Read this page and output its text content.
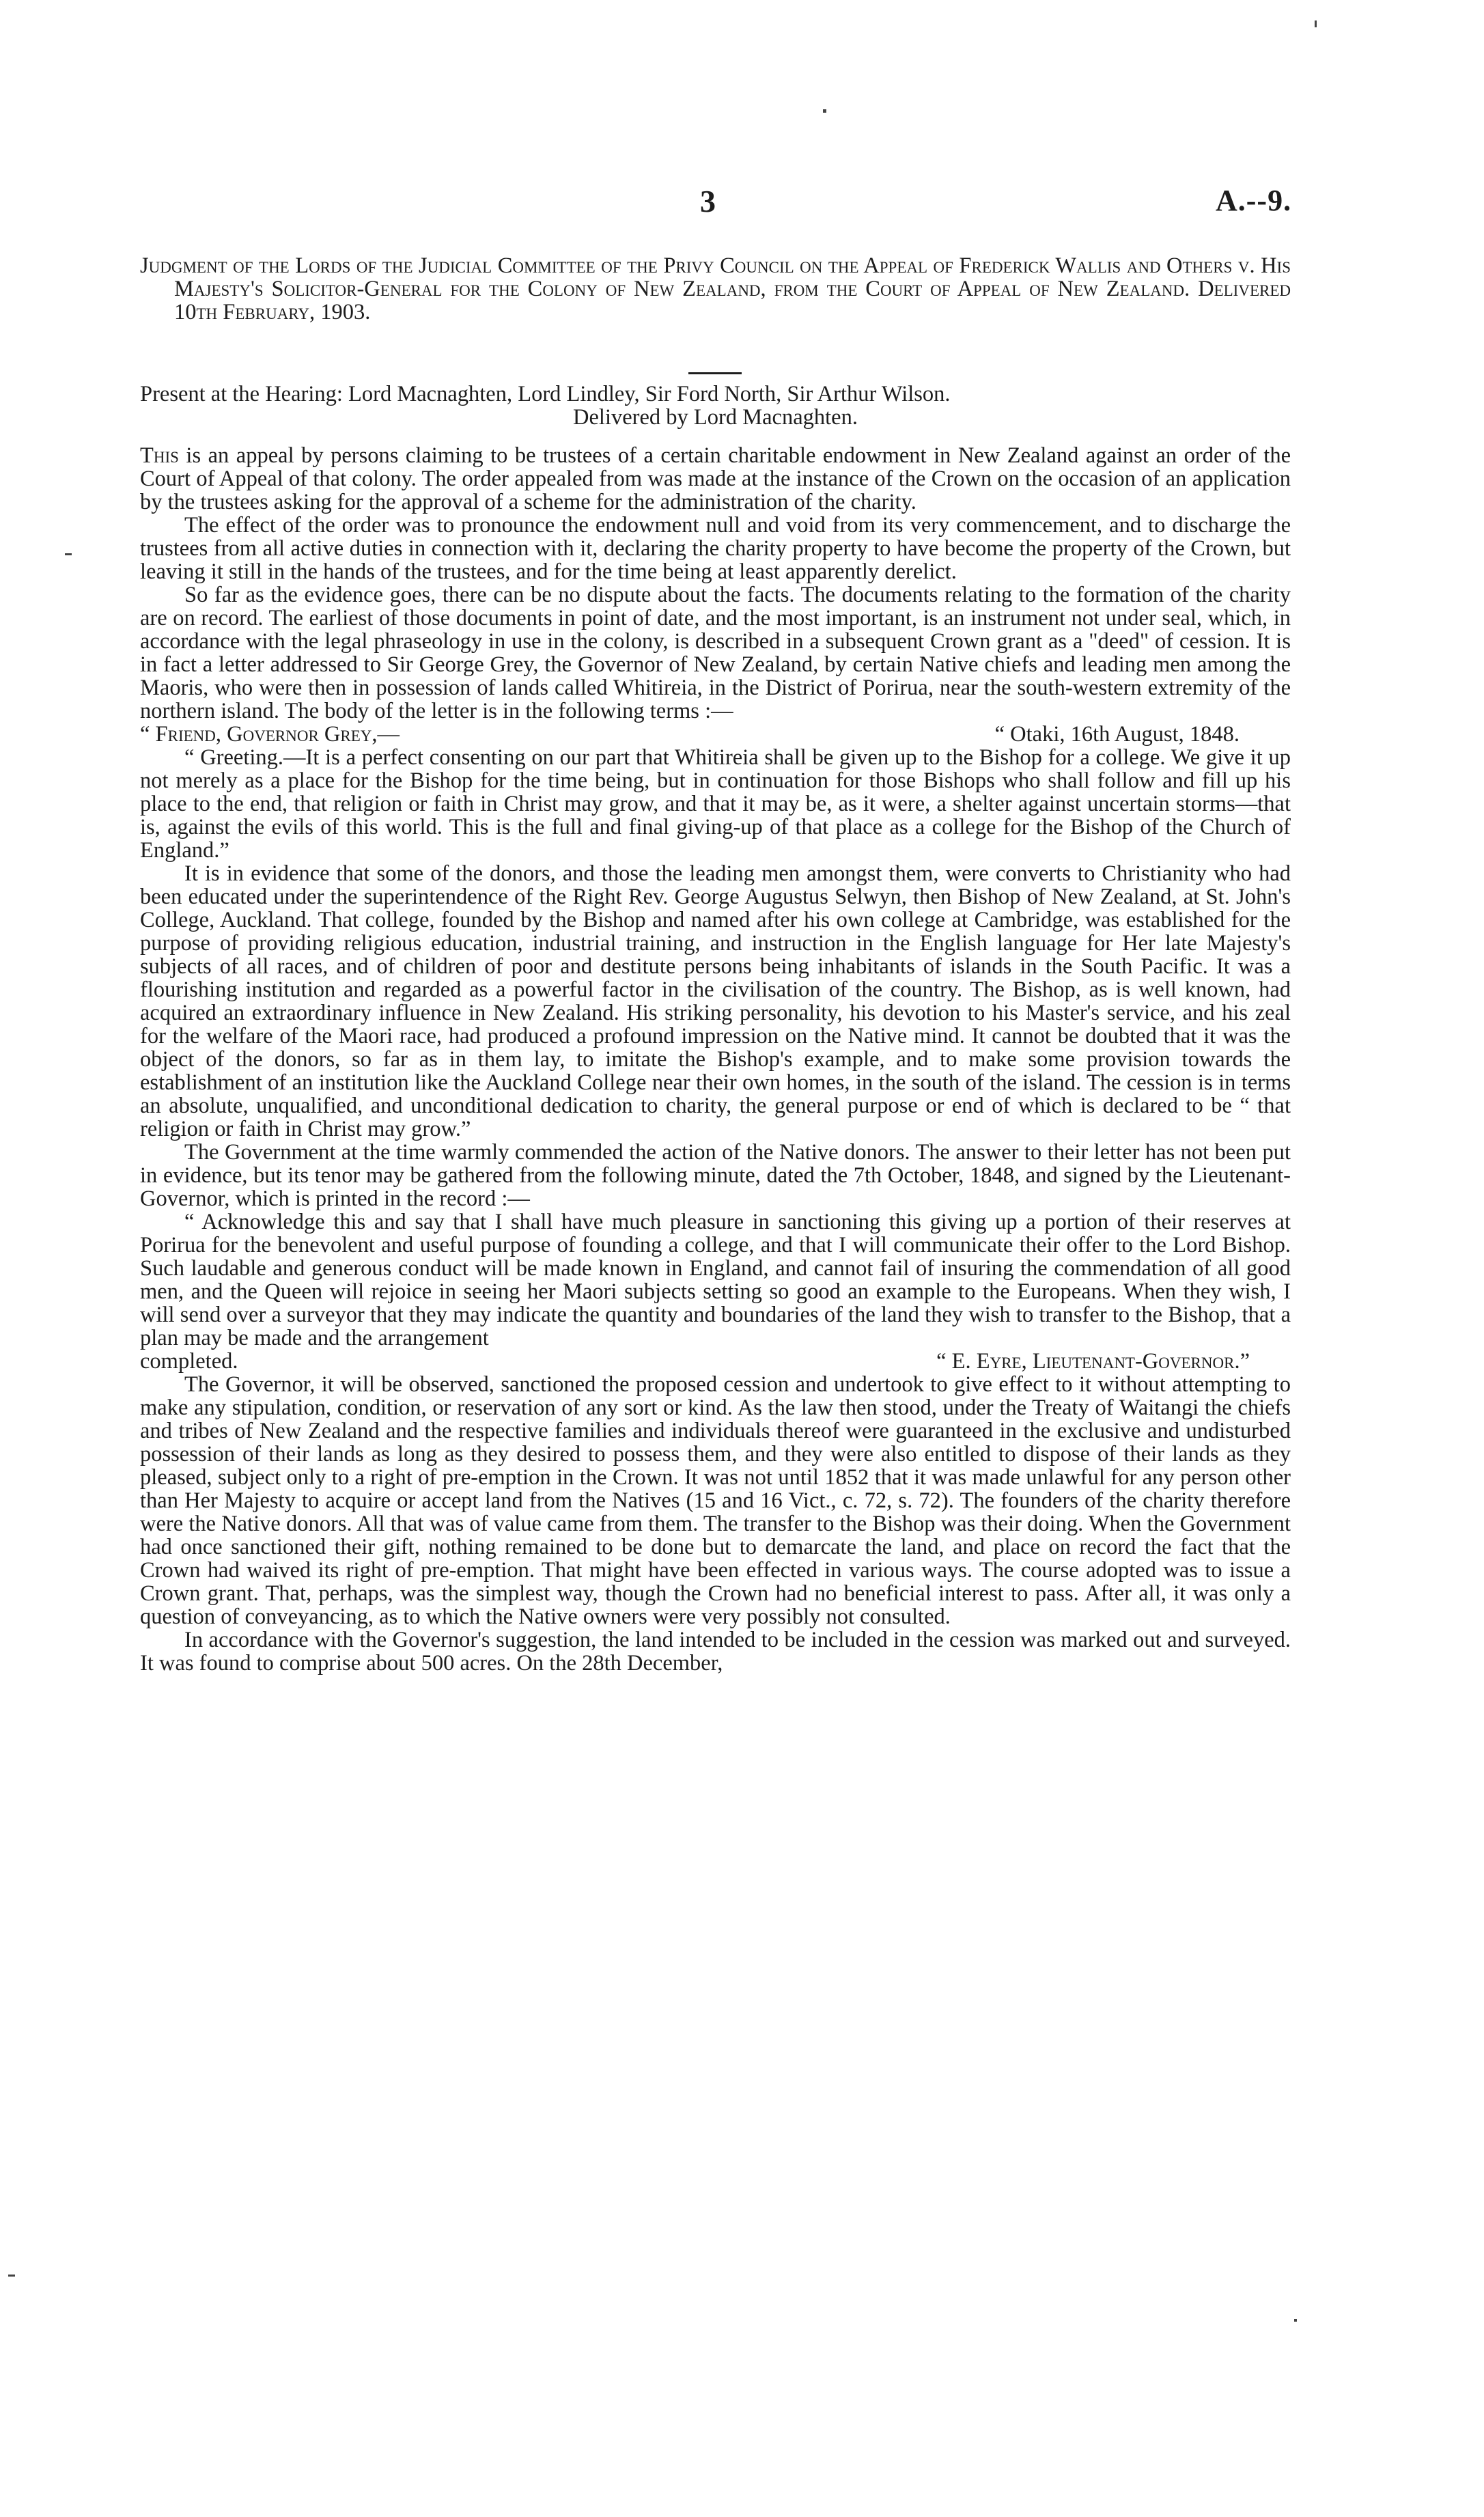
3	A.--9.

Judgment of the Lords of the Judicial Committee of the Privy Council on the Appeal of Frederick Wallis and Others v. His Majesty's Solicitor-General for the Colony of New Zealand, from the Court of Appeal of New Zealand. Delivered 10th February, 1903.

Present at the Hearing: Lord Macnaghten, Lord Lindley, Sir Ford North, Sir Arthur Wilson.
Delivered by Lord Macnaghten.

This is an appeal by persons claiming to be trustees of a certain charitable endowment in New Zealand against an order of the Court of Appeal of that colony. The order appealed from was made at the instance of the Crown on the occasion of an application by the trustees asking for the approval of a scheme for the administration of the charity.

The effect of the order was to pronounce the endowment null and void from its very commencement, and to discharge the trustees from all active duties in connection with it, declaring the charity property to have become the property of the Crown, but leaving it still in the hands of the trustees, and for the time being at least apparently derelict.

So far as the evidence goes, there can be no dispute about the facts. The documents relating to the formation of the charity are on record. The earliest of those documents in point of date, and the most important, is an instrument not under seal, which, in accordance with the legal phraseology in use in the colony, is described in a subsequent Crown grant as a "deed" of cession. It is in fact a letter addressed to Sir George Grey, the Governor of New Zealand, by certain Native chiefs and leading men among the Maoris, who were then in possession of lands called Whitireia, in the District of Porirua, near the south-western extremity of the northern island. The body of the letter is in the following terms :—

“ Friend, Governor Grey,—	“ Otaki, 16th August, 1848.

“ Greeting.—It is a perfect consenting on our part that Whitireia shall be given up to the Bishop for a college. We give it up not merely as a place for the Bishop for the time being, but in continuation for those Bishops who shall follow and fill up his place to the end, that religion or faith in Christ may grow, and that it may be, as it were, a shelter against uncertain storms—that is, against the evils of this world. This is the full and final giving-up of that place as a college for the Bishop of the Church of England.”

It is in evidence that some of the donors, and those the leading men amongst them, were converts to Christianity who had been educated under the superintendence of the Right Rev. George Augustus Selwyn, then Bishop of New Zealand, at St. John's College, Auckland. That college, founded by the Bishop and named after his own college at Cambridge, was established for the purpose of providing religious education, industrial training, and instruction in the English language for Her late Majesty's subjects of all races, and of children of poor and destitute persons being inhabitants of islands in the South Pacific. It was a flourishing institution and regarded as a powerful factor in the civilisation of the country. The Bishop, as is well known, had acquired an extraordinary influence in New Zealand. His striking personality, his devotion to his Master's service, and his zeal for the welfare of the Maori race, had produced a profound impression on the Native mind. It cannot be doubted that it was the object of the donors, so far as in them lay, to imitate the Bishop's example, and to make some provision towards the establishment of an institution like the Auckland College near their own homes, in the south of the island. The cession is in terms an absolute, unqualified, and unconditional dedication to charity, the general purpose or end of which is declared to be “ that religion or faith in Christ may grow.”

The Government at the time warmly commended the action of the Native donors. The answer to their letter has not been put in evidence, but its tenor may be gathered from the following minute, dated the 7th October, 1848, and signed by the Lieutenant-Governor, which is printed in the record :—

“ Acknowledge this and say that I shall have much pleasure in sanctioning this giving up a portion of their reserves at Porirua for the benevolent and useful purpose of founding a college, and that I will communicate their offer to the Lord Bishop. Such laudable and generous conduct will be made known in England, and cannot fail of insuring the commendation of all good men, and the Queen will rejoice in seeing her Maori subjects setting so good an example to the Europeans. When they wish, I will send over a surveyor that they may indicate the quantity and boundaries of the land they wish to transfer to the Bishop, that a plan may be made and the arrangement

completed.	“ E. Eyre, Lieutenant-Governor.”

The Governor, it will be observed, sanctioned the proposed cession and undertook to give effect to it without attempting to make any stipulation, condition, or reservation of any sort or kind. As the law then stood, under the Treaty of Waitangi the chiefs and tribes of New Zealand and the respective families and individuals thereof were guaranteed in the exclusive and undisturbed possession of their lands as long as they desired to possess them, and they were also entitled to dispose of their lands as they pleased, subject only to a right of pre-emption in the Crown. It was not until 1852 that it was made unlawful for any person other than Her Majesty to acquire or accept land from the Natives (15 and 16 Vict., c. 72, s. 72). The founders of the charity therefore were the Native donors. All that was of value came from them. The transfer to the Bishop was their doing. When the Government had once sanctioned their gift, nothing remained to be done but to demarcate the land, and place on record the fact that the Crown had waived its right of pre-emption. That might have been effected in various ways. The course adopted was to issue a Crown grant. That, perhaps, was the simplest way, though the Crown had no beneficial interest to pass. After all, it was only a question of conveyancing, as to which the Native owners were very possibly not consulted.

In accordance with the Governor's suggestion, the land intended to be included in the cession was marked out and surveyed. It was found to comprise about 500 acres. On the 28th December,
